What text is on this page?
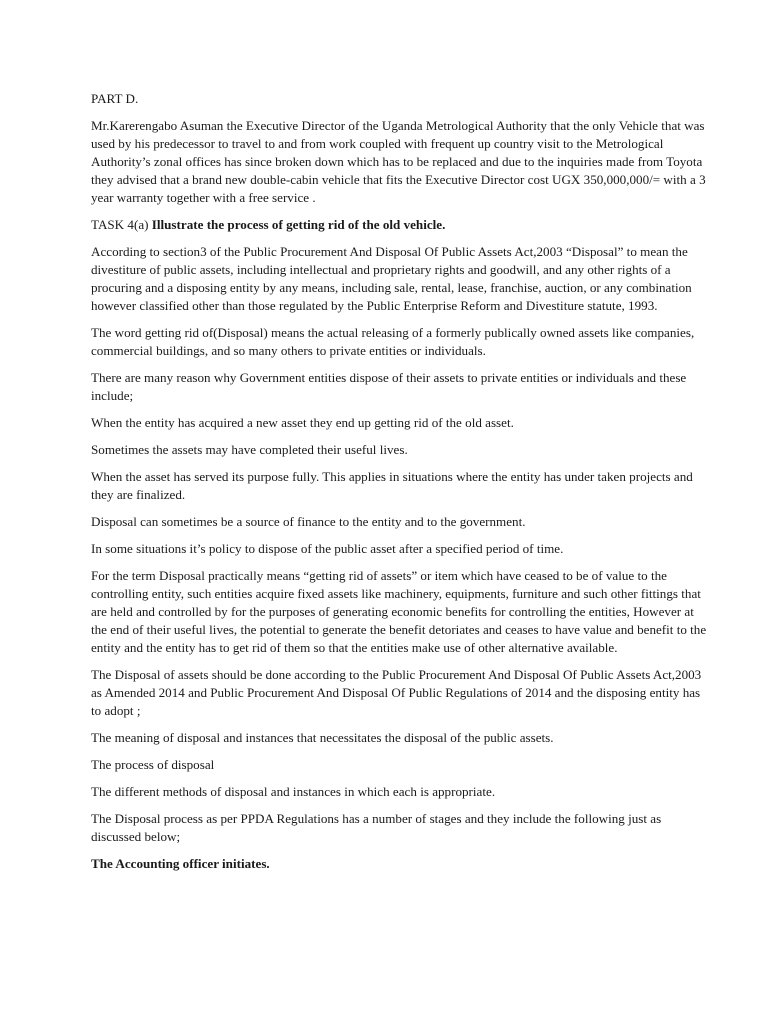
PART D.

Mr.Karerengabo Asuman the Executive Director of the Uganda Metrological Authority that the only Vehicle that was used by his predecessor to travel to and from work coupled with frequent up country visit to the Metrological Authority’s zonal offices has since broken down which has to be replaced and due to the inquiries made from Toyota they advised that a brand new double-cabin vehicle that fits the Executive Director cost UGX 350,000,000/= with a 3 year warranty together with a free service .

TASK 4(a) Illustrate the process of getting rid of the old vehicle.

According to section3 of the Public Procurement And Disposal Of Public Assets Act,2003 “Disposal” to mean the divestiture of public assets, including intellectual and proprietary rights and goodwill, and any other rights of a procuring and a disposing entity by any means, including sale, rental, lease, franchise, auction, or any combination however classified other than those regulated by the Public Enterprise Reform and Divestiture statute, 1993.

The word getting rid of(Disposal) means the actual releasing of a formerly publically owned assets like companies, commercial buildings, and so many others to private entities or individuals.

There are many reason why Government entities dispose of their assets to private entities or individuals and these include;

When the entity has acquired a new asset they end up getting rid of the old asset.

Sometimes the assets may have completed their useful lives.

When the asset has served its purpose fully. This applies in situations where the entity has under taken projects and they are finalized.

Disposal can sometimes be a source of finance to the entity and to the government.

In some situations it’s policy to dispose of the public asset after a specified period of time.

For the term Disposal practically means “getting rid of assets” or item which have ceased to be of value to the controlling entity, such entities acquire fixed assets like machinery, equipments, furniture and such other fittings that are held and controlled by for the purposes of generating economic benefits for controlling the entities, However at the end of their useful lives, the potential to generate the benefit detoriates and ceases to have value and benefit to the entity and the entity has to get rid of them so that the entities make use of other alternative available.

The Disposal of assets should be done according to the Public Procurement And Disposal Of Public Assets Act,2003 as Amended 2014 and Public Procurement And Disposal Of Public Regulations of 2014 and the disposing entity has to adopt ;

The meaning of disposal and instances that necessitates the disposal of the public assets.

The process of disposal

The different methods of disposal and instances in which each is appropriate.

The Disposal process as per PPDA Regulations has a number of stages and they include the following just as discussed below;

The Accounting officer initiates.
